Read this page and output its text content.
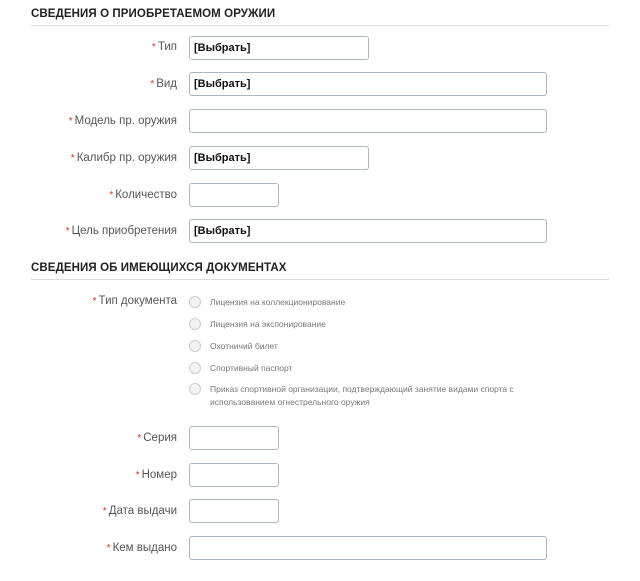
СВЕДЕНИЯ О ПРИОБРЕТАЕМОМ ОРУЖИИ
* Тип	[Выбрать]
* Вид	[Выбрать]
* Модель пр. оружия
* Калибр пр. оружия	[Выбрать]
* Количество
* Цель приобретения	[Выбрать]
СВЕДЕНИЯ ОБ ИМЕЮЩИХСЯ ДОКУМЕНТАХ
* Тип документа	Лицензия на коллекционирование
Лицензия на экспонирование
Охотничий билет
Спортивный паспорт
Приказ спортивной организации, подтверждающий занятие видами спорта с использованием огнестрельного оружия
* Серия
* Номер
* Дата выдачи
* Кем выдано
